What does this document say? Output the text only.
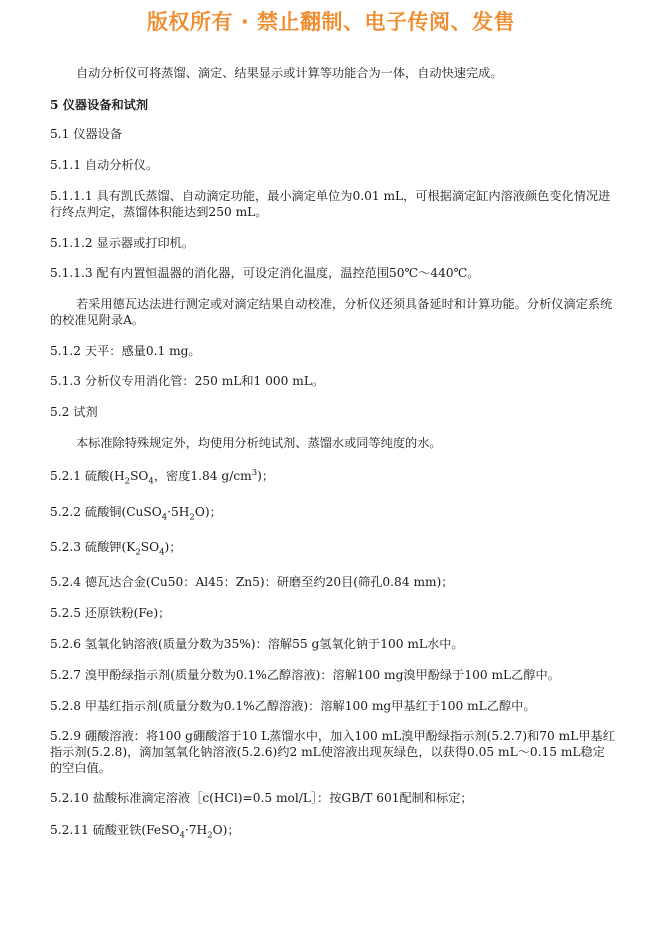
版权所有 · 禁止翻制、电子传阅、发售
自动分析仪可将蒸馏、滴定、结果显示或计算等功能合为一体，自动快速完成。
5 仪器设备和试剂
5.1 仪器设备
5.1.1 自动分析仪。
5.1.1.1 具有凯氏蒸馏、自动滴定功能，最小滴定单位为0.01 mL，可根据滴定缸内溶液颜色变化情况进行终点判定，蒸馏体积能达到250 mL。
5.1.1.2 显示器或打印机。
5.1.1.3 配有内置恒温器的消化器，可设定消化温度，温控范围50℃～440℃。
若采用德瓦达法进行测定或对滴定结果自动校准，分析仪还须具备延时和计算功能。分析仪滴定系统的校准见附录A。
5.1.2 天平：感量0.1 mg。
5.1.3 分析仪专用消化管：250 mL和1 000 mL。
5.2 试剂
本标准除特殊规定外，均使用分析纯试剂、蒸馏水或同等纯度的水。
5.2.1 硫酸($H_2SO_4$，密度1.84 $g/cm^3$)；
5.2.2 硫酸铜$(CuSO_4\cdot 5H_2O)$；
5.2.3 硫酸钾$(K_2SO_4)$；
5.2.4 德瓦达合金(Cu50：Al45：Zn5)：研磨至约20目(筛孔0.84 mm)；
5.2.5 还原铁粉(Fe)；
5.2.6 氢氧化钠溶液(质量分数为35%)：溶解55 g氢氧化钠于100 mL水中。
5.2.7 溴甲酚绿指示剂(质量分数为0.1%乙醇溶液)：溶解100 mg溴甲酚绿于100 mL乙醇中。
5.2.8 甲基红指示剂(质量分数为0.1%乙醇溶液)：溶解100 mg甲基红于100 mL乙醇中。
5.2.9 硼酸溶液：将100 g硼酸溶于10 L蒸馏水中，加入100 mL溴甲酚绿指示剂(5.2.7)和70 mL甲基红指示剂(5.2.8)，滴加氢氧化钠溶液(5.2.6)约2 mL使溶液出现灰绿色，以获得0.05 mL～0.15 mL稳定的空白值。
5.2.10 盐酸标准滴定溶液［c(HCl)=0.5 mol/L］：按GB/T 601配制和标定；
5.2.11 硫酸亚铁$(FeSO_4\cdot 7H_2O)$；
